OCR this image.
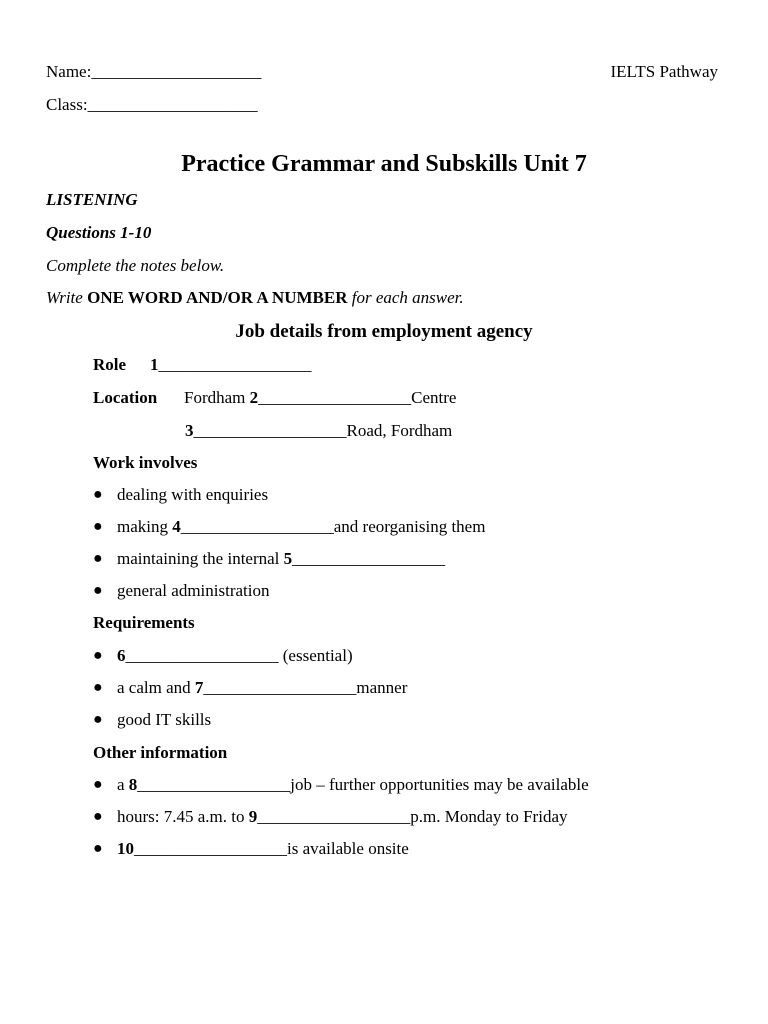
Name:____________________	IELTS Pathway
Class:____________________
Practice Grammar and Subskills Unit 7
LISTENING
Questions 1-10
Complete the notes below.
Write ONE WORD AND/OR A NUMBER for each answer.
Job details from employment agency
Role 1__________________
Location Fordham 2__________________Centre
3__________________Road, Fordham
Work involves
● dealing with enquiries
● making 4__________________and reorganising them
● maintaining the internal 5__________________
● general administration
Requirements
● 6__________________ (essential)
● a calm and 7__________________manner
● good IT skills
Other information
● a 8__________________job – further opportunities may be available
● hours: 7.45 a.m. to 9__________________p.m. Monday to Friday
● 10__________________is available onsite
